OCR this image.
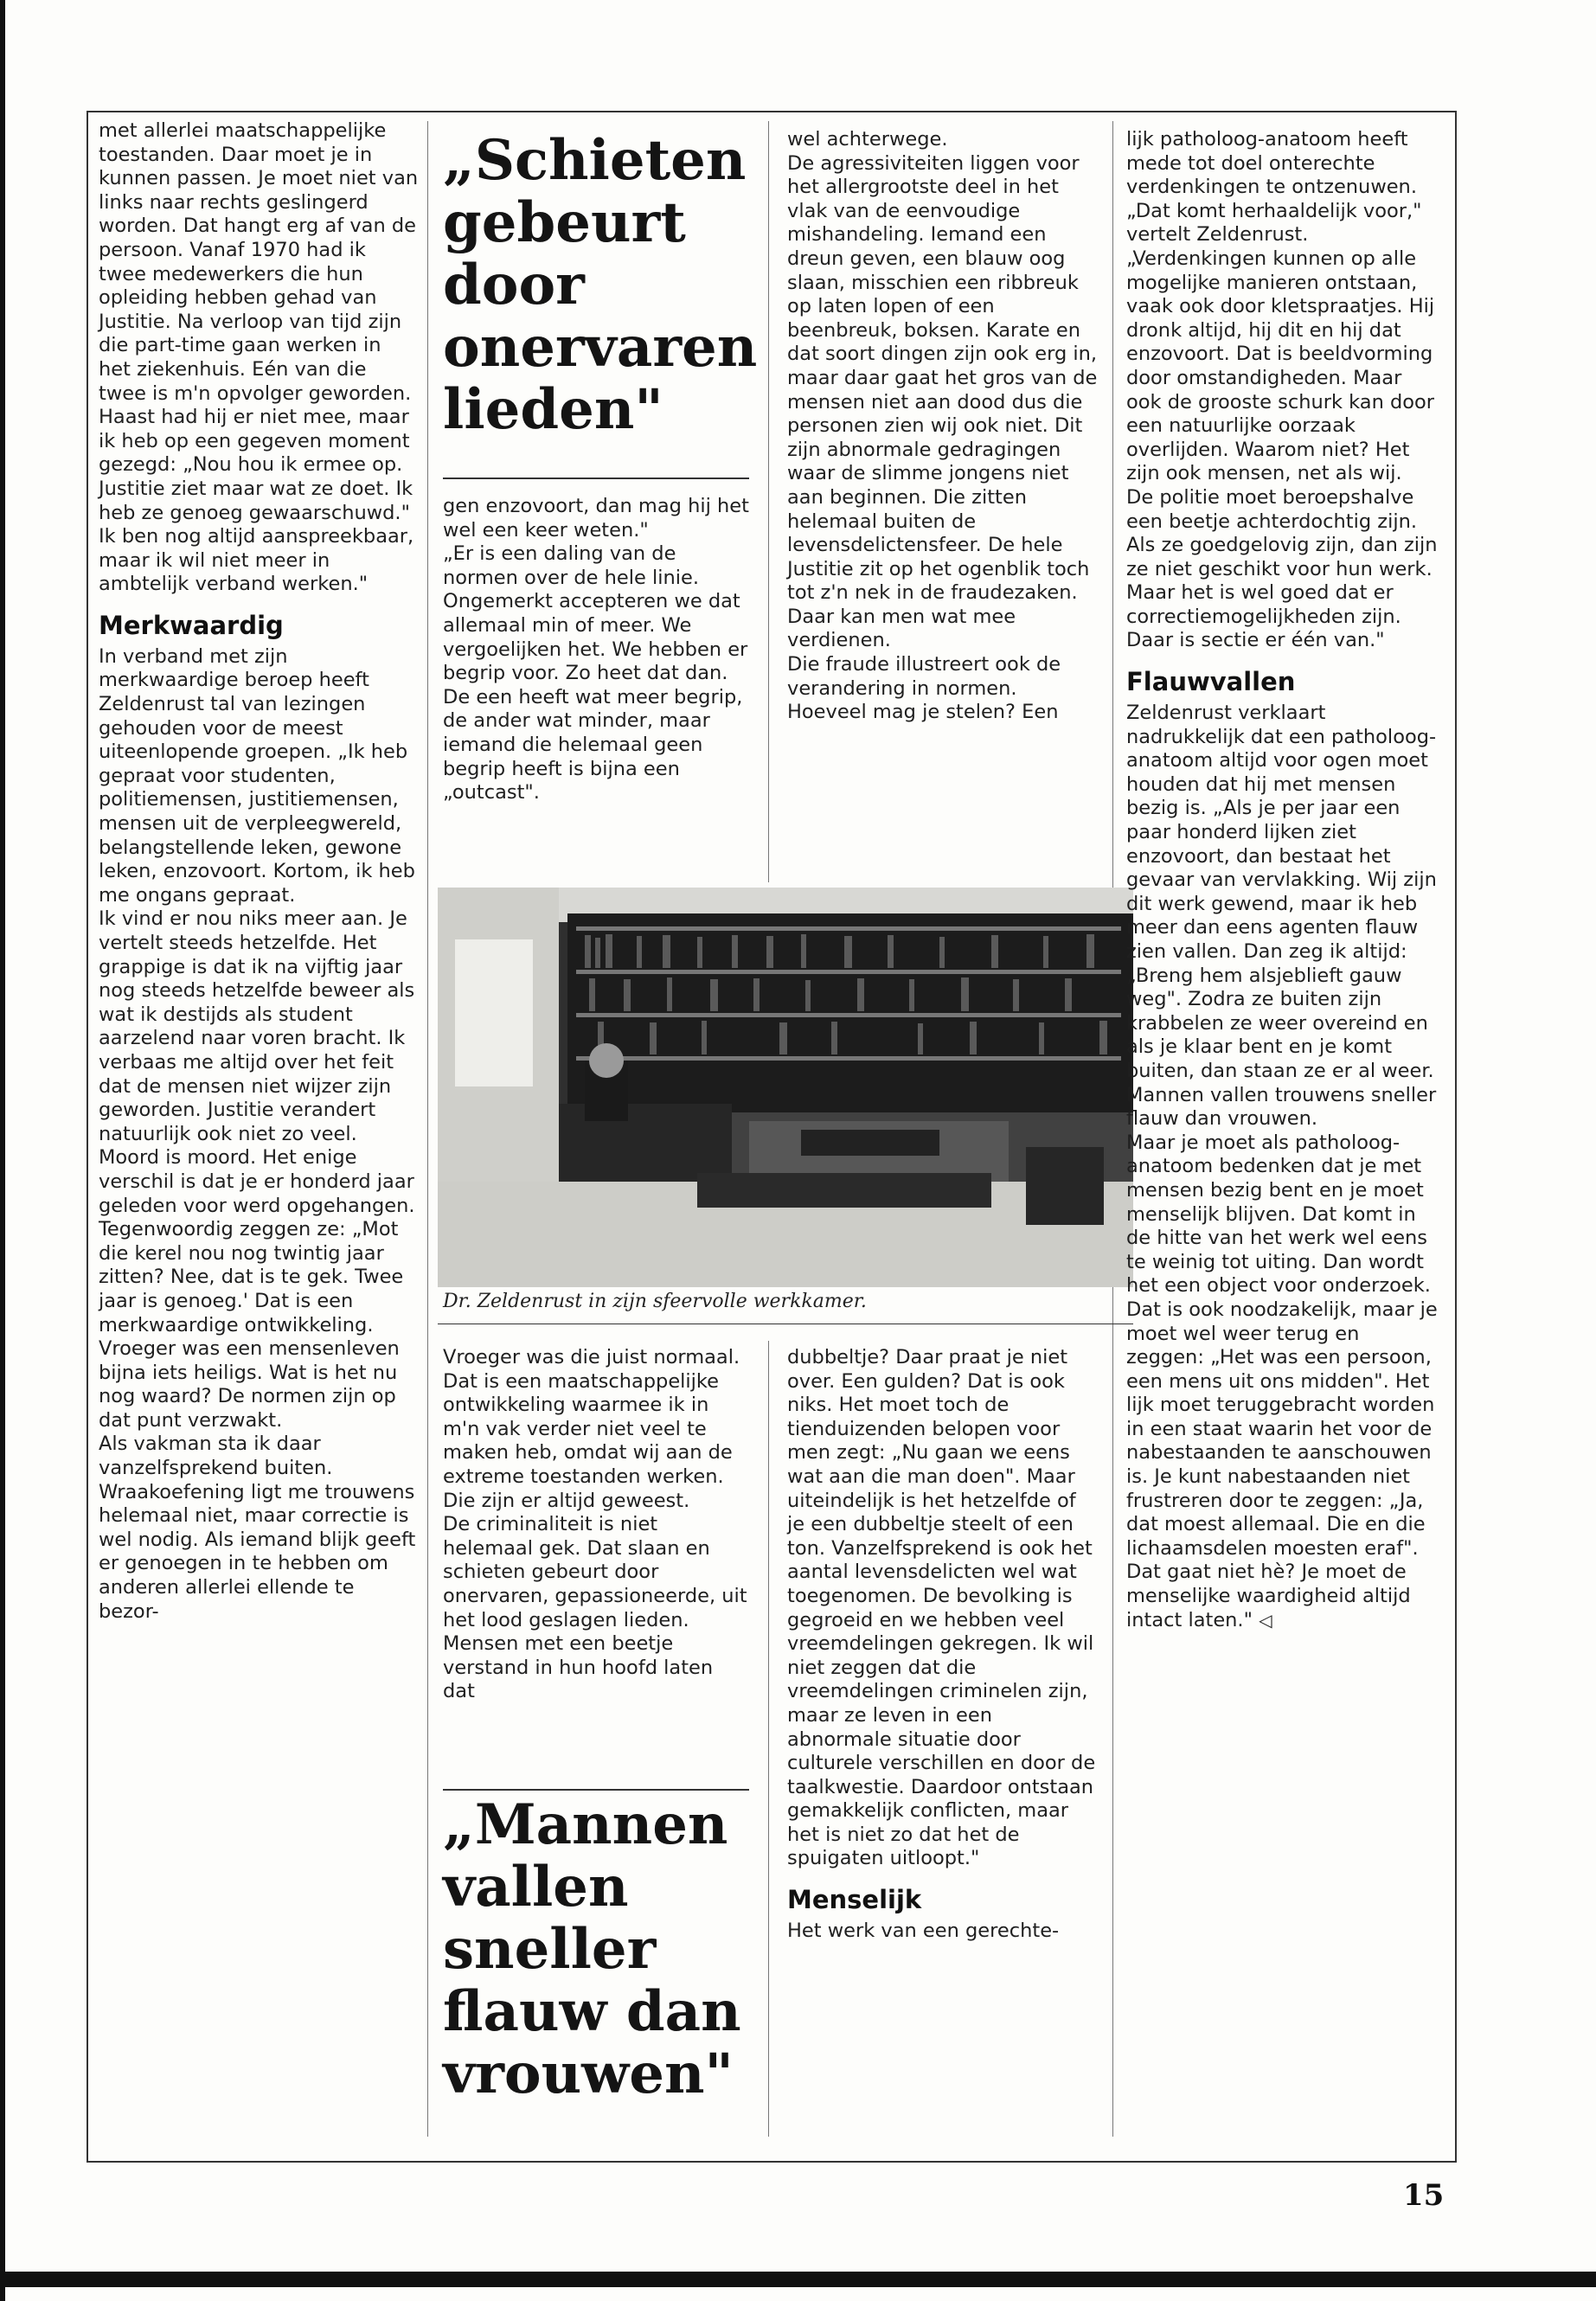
met allerlei maatschappelijke toestanden. Daar moet je in kunnen passen. Je moet niet van links naar rechts geslingerd worden. Dat hangt erg af van de persoon. Vanaf 1970 had ik twee medewerkers die hun opleiding hebben gehad van Justitie. Na verloop van tijd zijn die part-time gaan werken in het ziekenhuis. Eén van die twee is m'n opvolger geworden. Haast had hij er niet mee, maar ik heb op een gegeven moment gezegd: „Nou hou ik ermee op. Justitie ziet maar wat ze doet. Ik heb ze genoeg gewaarschuwd." Ik ben nog altijd aanspreekbaar, maar ik wil niet meer in ambtelijk verband werken."

Merkwaardig

In verband met zijn merkwaardige beroep heeft Zeldenrust tal van lezingen gehouden voor de meest uiteenlopende groepen. „Ik heb gepraat voor studenten, politiemensen, justitiemensen, mensen uit de verpleegwereld, belangstellende leken, gewone leken, enzovoort. Kortom, ik heb me ongans gepraat.

Ik vind er nou niks meer aan. Je vertelt steeds hetzelfde. Het grappige is dat ik na vijftig jaar nog steeds hetzelfde beweer als wat ik destijds als student aarzelend naar voren bracht. Ik verbaas me altijd over het feit dat de mensen niet wijzer zijn geworden. Justitie verandert natuurlijk ook niet zo veel. Moord is moord. Het enige verschil is dat je er honderd jaar geleden voor werd opgehangen. Tegenwoordig zeggen ze: „Mot die kerel nou nog twintig jaar zitten? Nee, dat is te gek. Twee jaar is genoeg.' Dat is een merkwaardige ontwikkeling. Vroeger was een mensenleven bijna iets heiligs. Wat is het nu nog waard? De normen zijn op dat punt verzwakt.

Als vakman sta ik daar vanzelfsprekend buiten. Wraakoefening ligt me trouwens helemaal niet, maar correctie is wel nodig. Als iemand blijk geeft er genoegen in te hebben om anderen allerlei ellende te bezor-

„Schieten gebeurt door onervaren lieden"

gen enzovoort, dan mag hij het wel een keer weten."

„Er is een daling van de normen over de hele linie. Ongemerkt accepteren we dat allemaal min of meer. We vergoelijken het. We hebben er begrip voor. Zo heet dat dan. De een heeft wat meer begrip, de ander wat minder, maar iemand die helemaal geen begrip heeft is bijna een „outcast".

wel achterwege.

De agressiviteiten liggen voor het allergrootste deel in het vlak van de eenvoudige mishandeling. Iemand een dreun geven, een blauw oog slaan, misschien een ribbreuk op laten lopen of een beenbreuk, boksen. Karate en dat soort dingen zijn ook erg in, maar daar gaat het gros van de mensen niet aan dood dus die personen zien wij ook niet. Dit zijn abnormale gedragingen waar de slimme jongens niet aan beginnen. Die zitten helemaal buiten de levensdelictensfeer. De hele Justitie zit op het ogenblik toch tot z'n nek in de fraudezaken. Daar kan men wat mee verdienen.

Die fraude illustreert ook de verandering in normen. Hoeveel mag je stelen? Een

Dr. Zeldenrust in zijn sfeervolle werkkamer.

Vroeger was die juist normaal. Dat is een maatschappelijke ontwikkeling waarmee ik in m'n vak verder niet veel te maken heb, omdat wij aan de extreme toestanden werken. Die zijn er altijd geweest.

De criminaliteit is niet helemaal gek. Dat slaan en schieten gebeurt door onervaren, gepassioneerde, uit het lood geslagen lieden. Mensen met een beetje verstand in hun hoofd laten dat

„Mannen vallen sneller flauw dan vrouwen"

dubbeltje? Daar praat je niet over. Een gulden? Dat is ook niks. Het moet toch de tienduizenden belopen voor men zegt: „Nu gaan we eens wat aan die man doen". Maar uiteindelijk is het hetzelfde of je een dubbeltje steelt of een ton. Vanzelfsprekend is ook het aantal levensdelicten wel wat toegenomen. De bevolking is gegroeid en we hebben veel vreemdelingen gekregen. Ik wil niet zeggen dat die vreemdelingen criminelen zijn, maar ze leven in een abnormale situatie door culturele verschillen en door de taalkwestie. Daardoor ontstaan gemakkelijk conflicten, maar het is niet zo dat het de spuigaten uitloopt."

Menselijk

Het werk van een gerechte-

lijk patholoog-anatoom heeft mede tot doel onterechte verdenkingen te ontzenuwen. „Dat komt herhaaldelijk voor," vertelt Zeldenrust. „Verdenkingen kunnen op alle mogelijke manieren ontstaan, vaak ook door kletspraatjes. Hij dronk altijd, hij dit en hij dat enzovoort. Dat is beeldvorming door omstandigheden. Maar ook de grooste schurk kan door een natuurlijke oorzaak overlijden. Waarom niet? Het zijn ook mensen, net als wij.

De politie moet beroepshalve een beetje achterdochtig zijn. Als ze goedgelovig zijn, dan zijn ze niet geschikt voor hun werk. Maar het is wel goed dat er correctiemogelijkheden zijn. Daar is sectie er één van."

Flauwvallen

Zeldenrust verklaart nadrukkelijk dat een patholoog-anatoom altijd voor ogen moet houden dat hij met mensen bezig is. „Als je per jaar een paar honderd lijken ziet enzovoort, dan bestaat het gevaar van vervlakking. Wij zijn dit werk gewend, maar ik heb meer dan eens agenten flauw zien vallen. Dan zeg ik altijd: „Breng hem alsjeblieft gauw weg". Zodra ze buiten zijn krabbelen ze weer overeind en als je klaar bent en je komt buiten, dan staan ze er al weer. Mannen vallen trouwens sneller flauw dan vrouwen.

Maar je moet als patholoog-anatoom bedenken dat je met mensen bezig bent en je moet menselijk blijven. Dat komt in de hitte van het werk wel eens te weinig tot uiting. Dan wordt het een object voor onderzoek. Dat is ook noodzakelijk, maar je moet wel weer terug en zeggen: „Het was een persoon, een mens uit ons midden". Het lijk moet teruggebracht worden in een staat waarin het voor de nabestaanden te aanschouwen is. Je kunt nabestaanden niet frustreren door te zeggen: „Ja, dat moest allemaal. Die en die lichaamsdelen moesten eraf". Dat gaat niet hè? Je moet de menselijke waardigheid altijd intact laten." ◁

15
